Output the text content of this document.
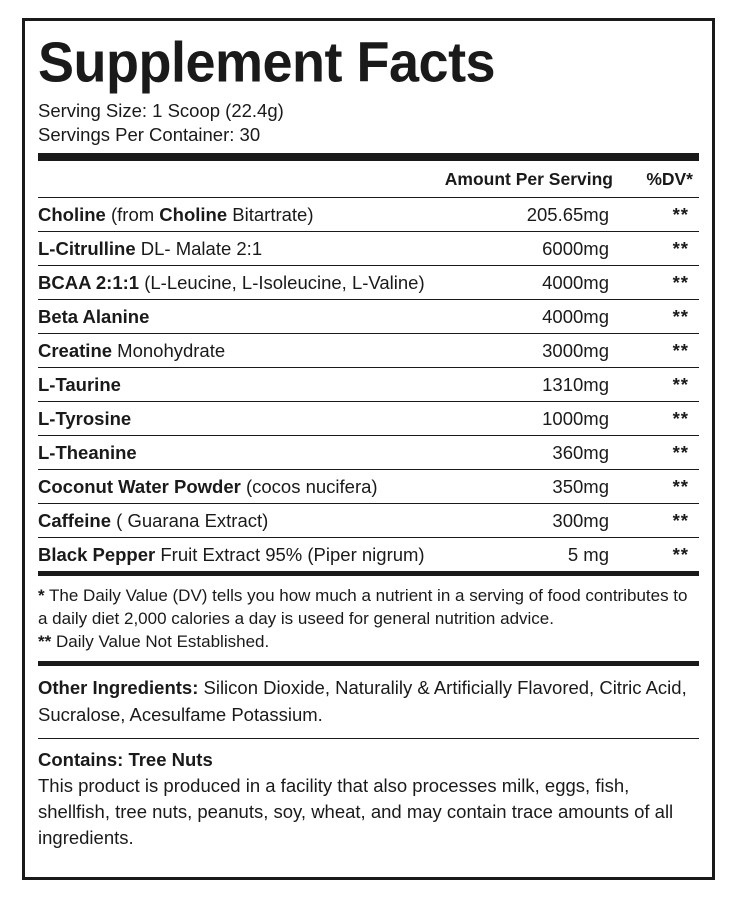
Supplement Facts
Serving Size: 1 Scoop (22.4g)
Servings Per Container: 30
Amount Per Serving	%DV*
Choline (from Choline Bitartrate)	205.65mg	**
L-Citrulline DL- Malate 2:1	6000mg	**
BCAA 2:1:1 (L-Leucine, L-Isoleucine, L-Valine)	4000mg	**
Beta Alanine	4000mg	**
Creatine Monohydrate	3000mg	**
L-Taurine	1310mg	**
L-Tyrosine	1000mg	**
L-Theanine	360mg	**
Coconut Water Powder (cocos nucifera)	350mg	**
Caffeine ( Guarana Extract)	300mg	**
Black Pepper Fruit Extract 95% (Piper nigrum)	5 mg	**
* The Daily Value (DV) tells you how much a nutrient in a serving of food contributes to a daily diet 2,000 calories a day is useed for general nutrition advice.
** Daily Value Not Established.
Other Ingredients: Silicon Dioxide, Naturalily & Artificially Flavored, Citric Acid, Sucralose, Acesulfame Potassium.
Contains: Tree Nuts
This product is produced in a facility that also processes milk, eggs, fish, shellfish, tree nuts, peanuts, soy, wheat, and may contain trace amounts of all ingredients.
